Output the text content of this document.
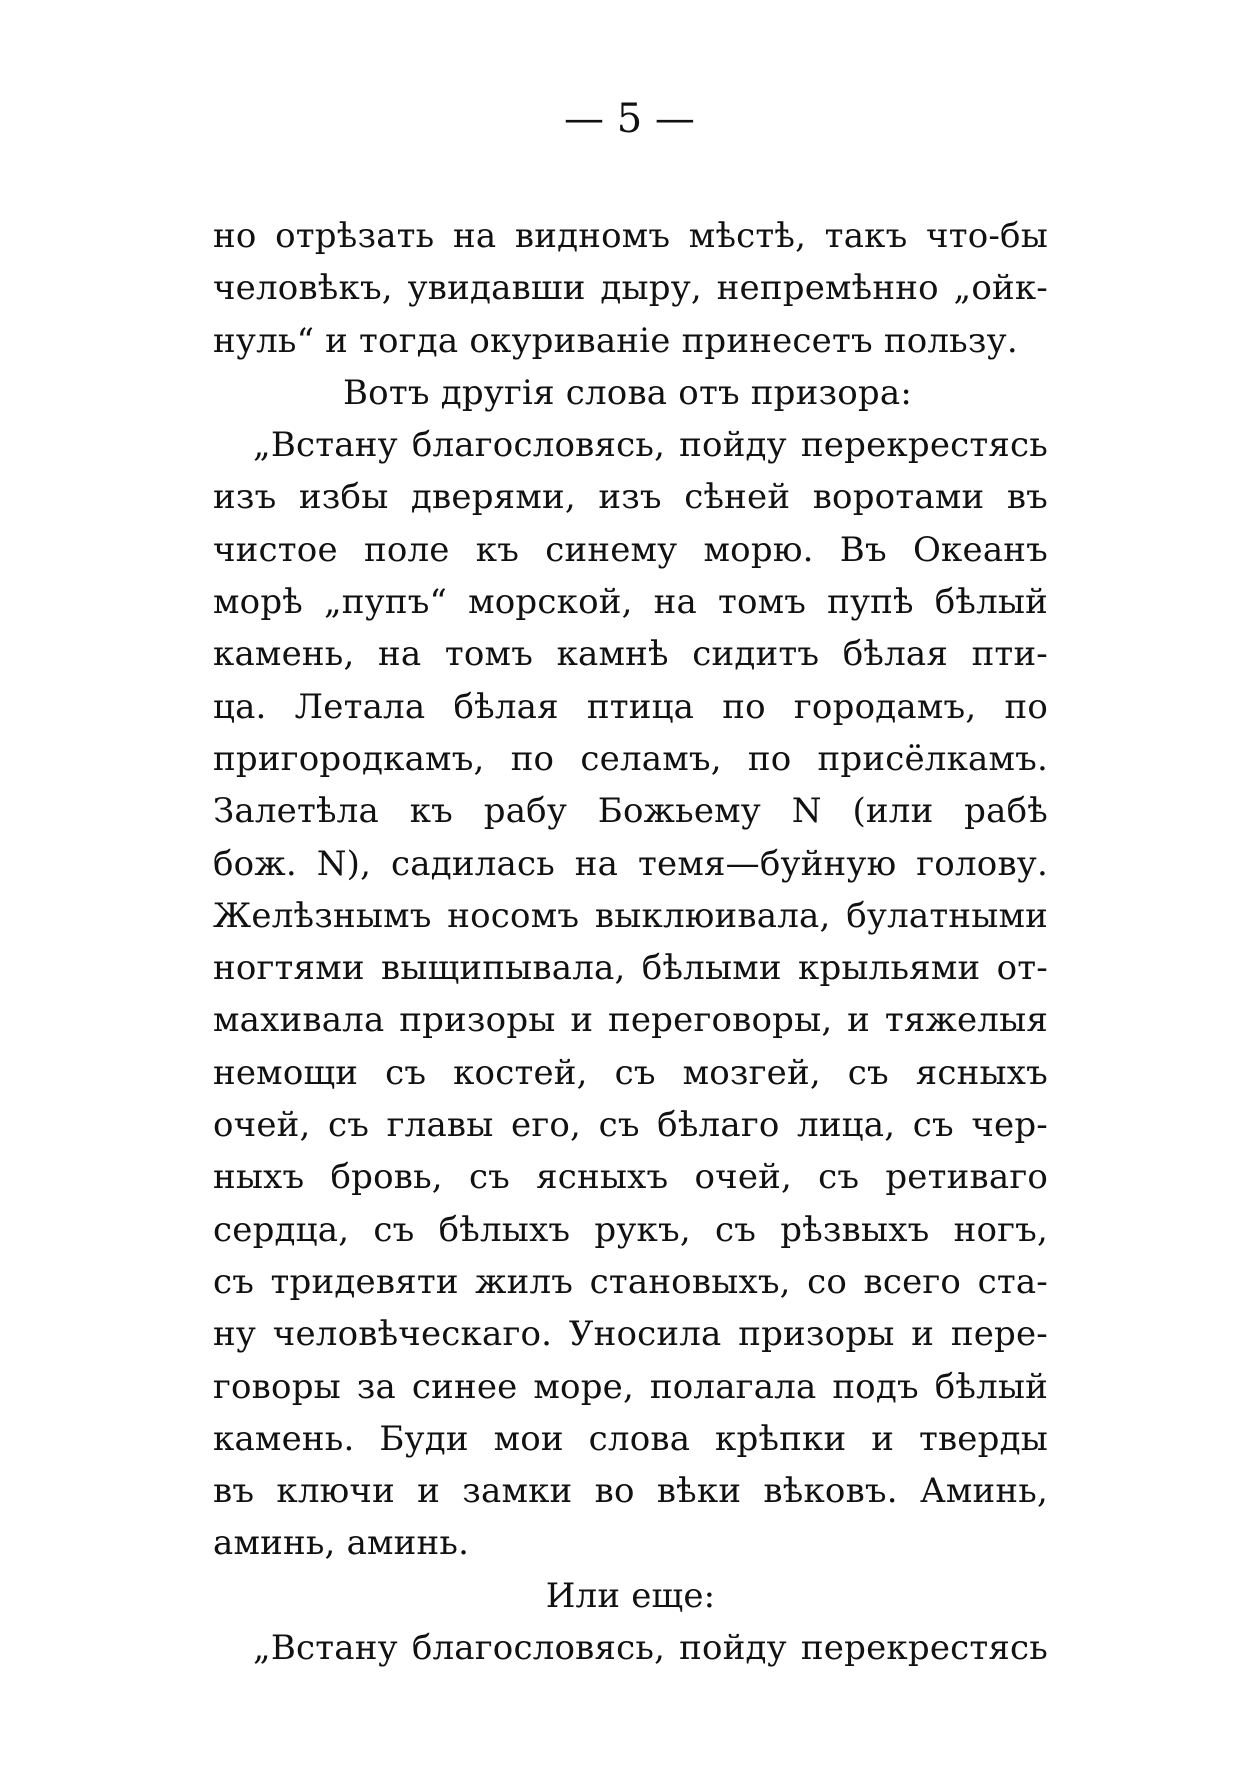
— 5 —
но отрѣзать на видномъ мѣстѣ, такъ что-бы
человѣкъ, увидавши дыру, непремѣнно „ойк-
нуль“ и тогда окуриваніе принесетъ пользу.
Вотъ другія слова отъ призора:
„Встану благословясь, пойду перекрестясь
изъ избы дверями, изъ сѣней воротами въ
чистое поле къ синему морю. Въ Океанъ
морѣ „пупъ“ морской, на томъ пупѣ бѣлый
камень, на томъ камнѣ сидитъ бѣлая пти-
ца. Летала бѣлая птица по городамъ, по
пригородкамъ, по селамъ, по присёлкамъ.
Залетѣла къ рабу Божьему N (или рабѣ
бож. N), садилась на темя—буйную голову.
Желѣзнымъ носомъ выклюивала, булатными
ногтями выщипывала, бѣлыми крыльями от-
махивала призоры и переговоры, и тяжелыя
немощи съ костей, съ мозгей, съ ясныхъ
очей, съ главы его, съ бѣлаго лица, съ чер-
ныхъ бровь, съ ясныхъ очей, съ ретиваго
сердца, съ бѣлыхъ рукъ, съ рѣзвыхъ ногъ,
съ тридевяти жилъ становыхъ, со всего ста-
ну человѣческаго. Уносила призоры и пере-
говоры за синее море, полагала подъ бѣлый
камень. Буди мои слова крѣпки и тверды
въ ключи и замки во вѣки вѣковъ. Аминь,
аминь, аминь.
Или еще:
„Встану благословясь, пойду перекрестясь
